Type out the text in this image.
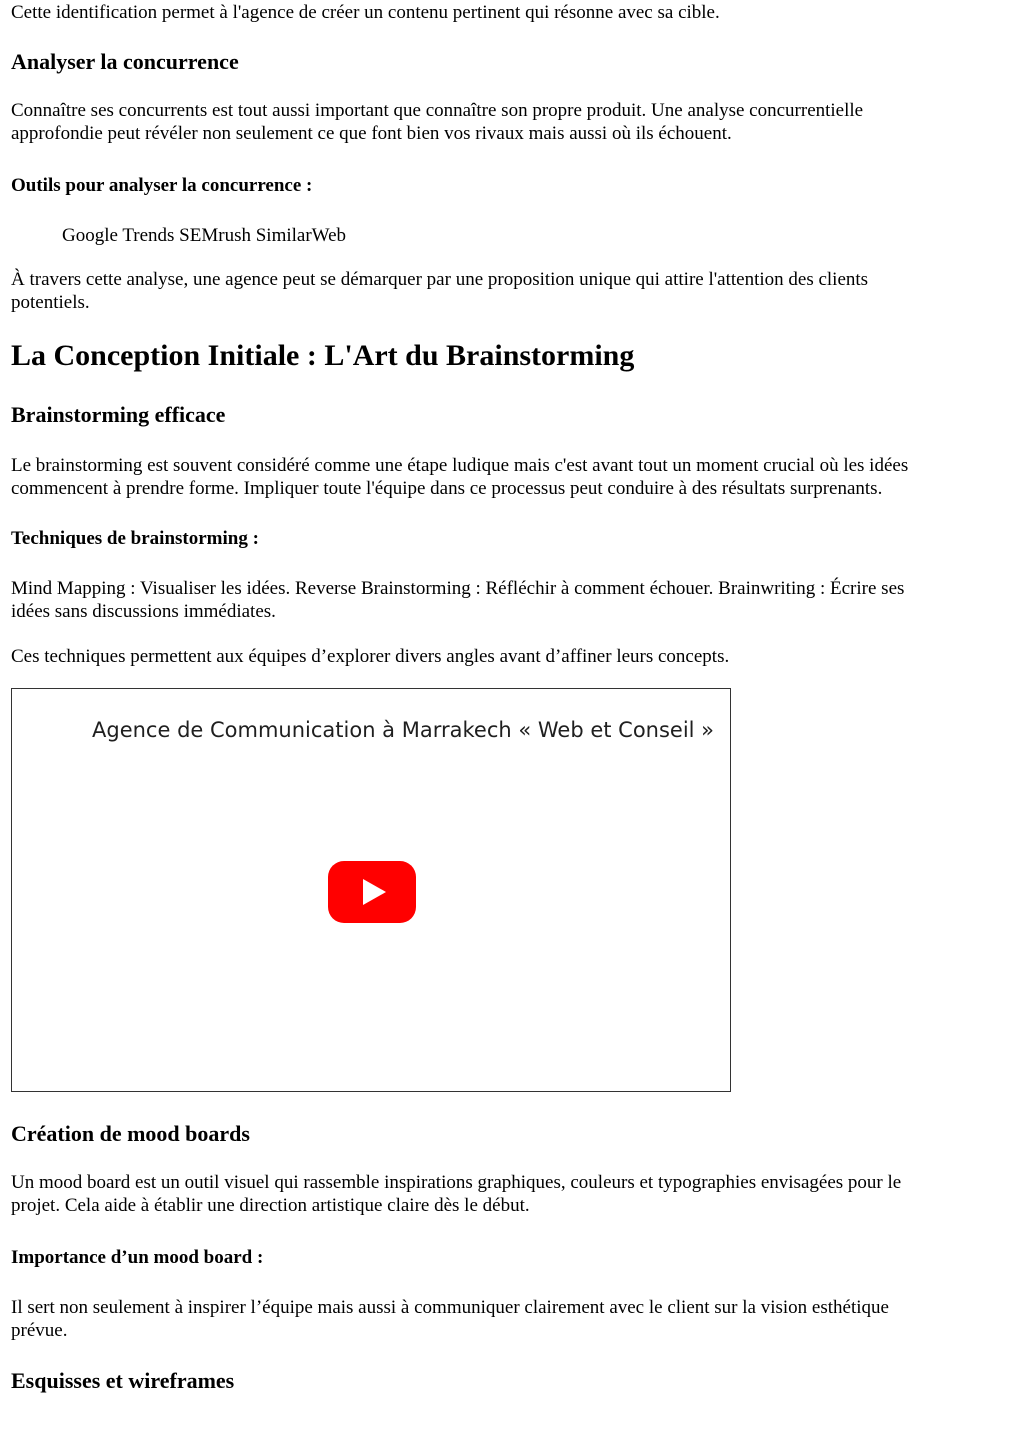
Cette identification permet à l'agence de créer un contenu pertinent qui résonne avec sa cible.

Analyser la concurrence

Connaître ses concurrents est tout aussi important que connaître son propre produit. Une analyse concurrentielle

approfondie peut révéler non seulement ce que font bien vos rivaux mais aussi où ils échouent.

Outils pour analyser la concurrence :

Google Trends SEMrush SimilarWeb

À travers cette analyse, une agence peut se démarquer par une proposition unique qui attire l'attention des clients

potentiels.

La Conception Initiale : L'Art du Brainstorming
Brainstorming efficace

Le brainstorming est souvent considéré comme une étape ludique mais c'est avant tout un moment crucial où les idées

commencent à prendre forme. Impliquer toute l'équipe dans ce processus peut conduire à des résultats surprenants.

Techniques de brainstorming :

Mind Mapping : Visualiser les idées. Reverse Brainstorming : Réfléchir à comment échouer. Brainwriting : Écrire ses

idées sans discussions immédiates.

Ces techniques permettent aux équipes d’explorer divers angles avant d’affiner leurs concepts.

Agence de Communication à Marrakech « Web et Conseil »
Création de mood boards

Un mood board est un outil visuel qui rassemble inspirations graphiques, couleurs et typographies envisagées pour le

projet. Cela aide à établir une direction artistique claire dès le début.

Importance d’un mood board :

Il sert non seulement à inspirer l’équipe mais aussi à communiquer clairement avec le client sur la vision esthétique

prévue.

Esquisses et wireframes
